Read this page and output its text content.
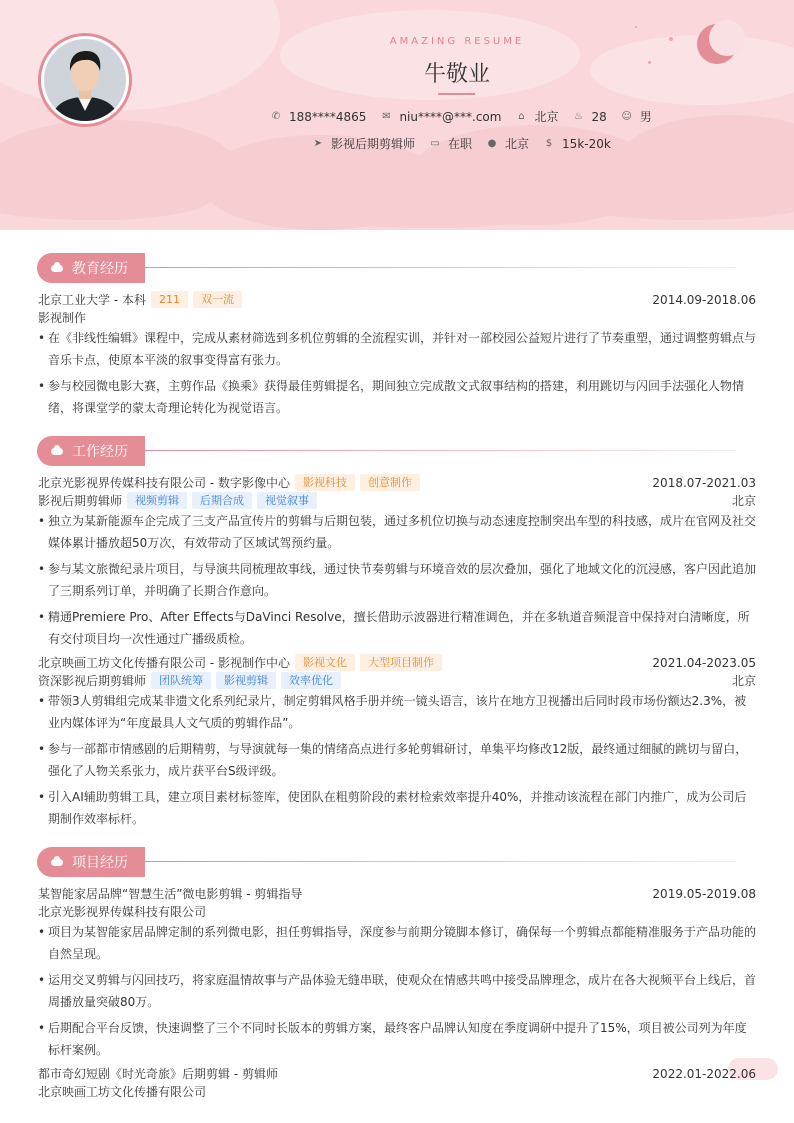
AMAZING RESUME
牛敬业
✆ 188****4865 ✉ niu****@***.com	⌂ 北京 ♨ 28 ☺ 男
➤ 影视后期剪辑师 ▭ 在职 ● 北京	$ 15k-20k
教育经历
北京工业大学 - 本科	211	双一流	2014.09-2018.06
影视制作
• 在《非线性编辑》课程中，完成从素材筛选到多机位剪辑的全流程实训，并针对一部校园公益短片进行了节奏重塑，通过调整剪辑点与音乐卡点，使原本平淡的叙事变得富有张力。
• 参与校园微电影大赛，主剪作品《换乘》获得最佳剪辑提名，期间独立完成散文式叙事结构的搭建，利用跳切与闪回手法强化人物情绪，将课堂学的蒙太奇理论转化为视觉语言。
工作经历
北京光影视界传媒科技有限公司 - 数字影像中心	影视科技	创意制作	2018.07-2021.03
影视后期剪辑师	视频剪辑	后期合成	视觉叙事	北京
• 独立为某新能源车企完成了三支产品宣传片的剪辑与后期包装，通过多机位切换与动态速度控制突出车型的科技感，成片在官网及社交媒体累计播放超50万次，有效带动了区域试驾预约量。
• 参与某文旅微纪录片项目，与导演共同梳理故事线，通过快节奏剪辑与环境音效的层次叠加，强化了地域文化的沉浸感，客户因此追加了三期系列订单，并明确了长期合作意向。
• 精通Premiere Pro、After Effects与DaVinci Resolve，擅长借助示波器进行精准调色，并在多轨道音频混音中保持对白清晰度，所有交付项目均一次性通过广播级质检。
北京映画工坊文化传播有限公司 - 影视制作中心	影视文化	大型项目制作	2021.04-2023.05
资深影视后期剪辑师	团队统筹	影视剪辑	效率优化	北京
• 带领3人剪辑组完成某非遗文化系列纪录片，制定剪辑风格手册并统一镜头语言，该片在地方卫视播出后同时段市场份额达2.3%，被业内媒体评为“年度最具人文气质的剪辑作品”。
• 参与一部都市情感剧的后期精剪，与导演就每一集的情绪高点进行多轮剪辑研讨，单集平均修改12版，最终通过细腻的跳切与留白，强化了人物关系张力，成片获平台S级评级。
• 引入AI辅助剪辑工具，建立项目素材标签库，使团队在粗剪阶段的素材检索效率提升40%，并推动该流程在部门内推广，成为公司后期制作效率标杆。
项目经历
某智能家居品牌“智慧生活”微电影剪辑 - 剪辑指导	2019.05-2019.08
北京光影视界传媒科技有限公司
• 项目为某智能家居品牌定制的系列微电影，担任剪辑指导，深度参与前期分镜脚本修订，确保每一个剪辑点都能精准服务于产品功能的自然呈现。
• 运用交叉剪辑与闪回技巧，将家庭温情故事与产品体验无缝串联，使观众在情感共鸣中接受品牌理念，成片在各大视频平台上线后，首周播放量突破80万。
• 后期配合平台反馈，快速调整了三个不同时长版本的剪辑方案，最终客户品牌认知度在季度调研中提升了15%，项目被公司列为年度标杆案例。
都市奇幻短剧《时光奇旅》后期剪辑 - 剪辑师	2022.01-2022.06
北京映画工坊文化传播有限公司
